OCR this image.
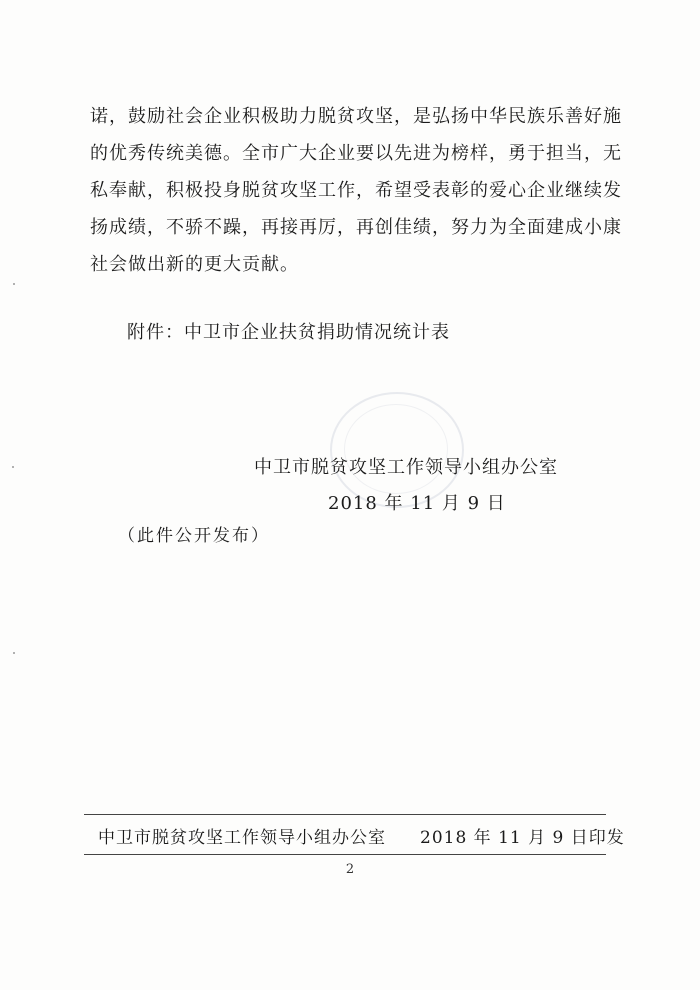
诺，鼓励社会企业积极助力脱贫攻坚，是弘扬中华民族乐善好施
的优秀传统美德。全市广大企业要以先进为榜样，勇于担当，无
私奉献，积极投身脱贫攻坚工作，希望受表彰的爱心企业继续发
扬成绩，不骄不躁，再接再厉，再创佳绩，努力为全面建成小康
社会做出新的更大贡献。
附件：中卫市企业扶贫捐助情况统计表
中卫市脱贫攻坚工作领导小组办公室
2018 年 11 月 9 日
（此件公开发布）
中卫市脱贫攻坚工作领导小组办公室 2018 年 11 月 9 日印发
2
